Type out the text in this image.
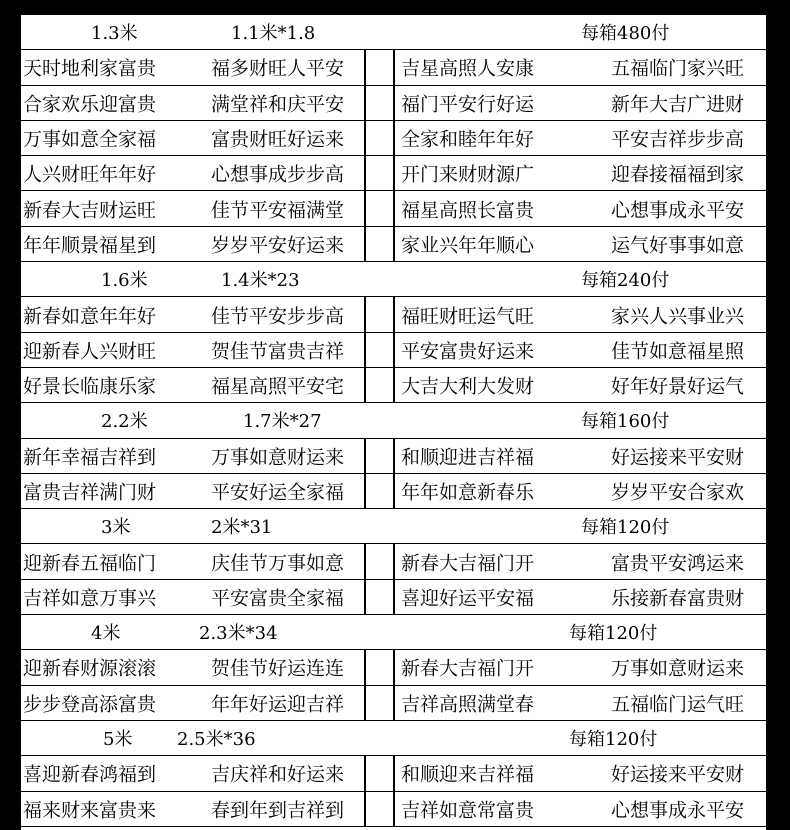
1.3米	1.1米*1.8	每箱480付
天时地利家富贵	福多财旺人平安	吉星高照人安康	五福临门家兴旺
合家欢乐迎富贵	满堂祥和庆平安	福门平安行好运	新年大吉广进财
万事如意全家福	富贵财旺好运来	全家和睦年年好	平安吉祥步步高
人兴财旺年年好	心想事成步步高	开门来财财源广	迎春接福福到家
新春大吉财运旺	佳节平安福满堂	福星高照长富贵	心想事成永平安
年年顺景福星到	岁岁平安好运来	家业兴年年顺心	运气好事事如意
1.6米	1.4米*23	每箱240付
新春如意年年好	佳节平安步步高	福旺财旺运气旺	家兴人兴事业兴
迎新春人兴财旺	贺佳节富贵吉祥	平安富贵好运来	佳节如意福星照
好景长临康乐家	福星高照平安宅	大吉大利大发财	好年好景好运气
2.2米	1.7米*27	每箱160付
新年幸福吉祥到	万事如意财运来	和顺迎进吉祥福	好运接来平安财
富贵吉祥满门财	平安好运全家福	年年如意新春乐	岁岁平安合家欢
3米	2米*31	每箱120付
迎新春五福临门	庆佳节万事如意	新春大吉福门开	富贵平安鸿运来
吉祥如意万事兴	平安富贵全家福	喜迎好运平安福	乐接新春富贵财
4米	2.3米*34	每箱120付
迎新春财源滚滚	贺佳节好运连连	新春大吉福门开	万事如意财运来
步步登高添富贵	年年好运迎吉祥	吉祥高照满堂春	五福临门运气旺
5米 2.5米*36	每箱120付
喜迎新春鸿福到	吉庆祥和好运来	和顺迎来吉祥福	好运接来平安财
福来财来富贵来	春到年到吉祥到	吉祥如意常富贵	心想事成永平安
